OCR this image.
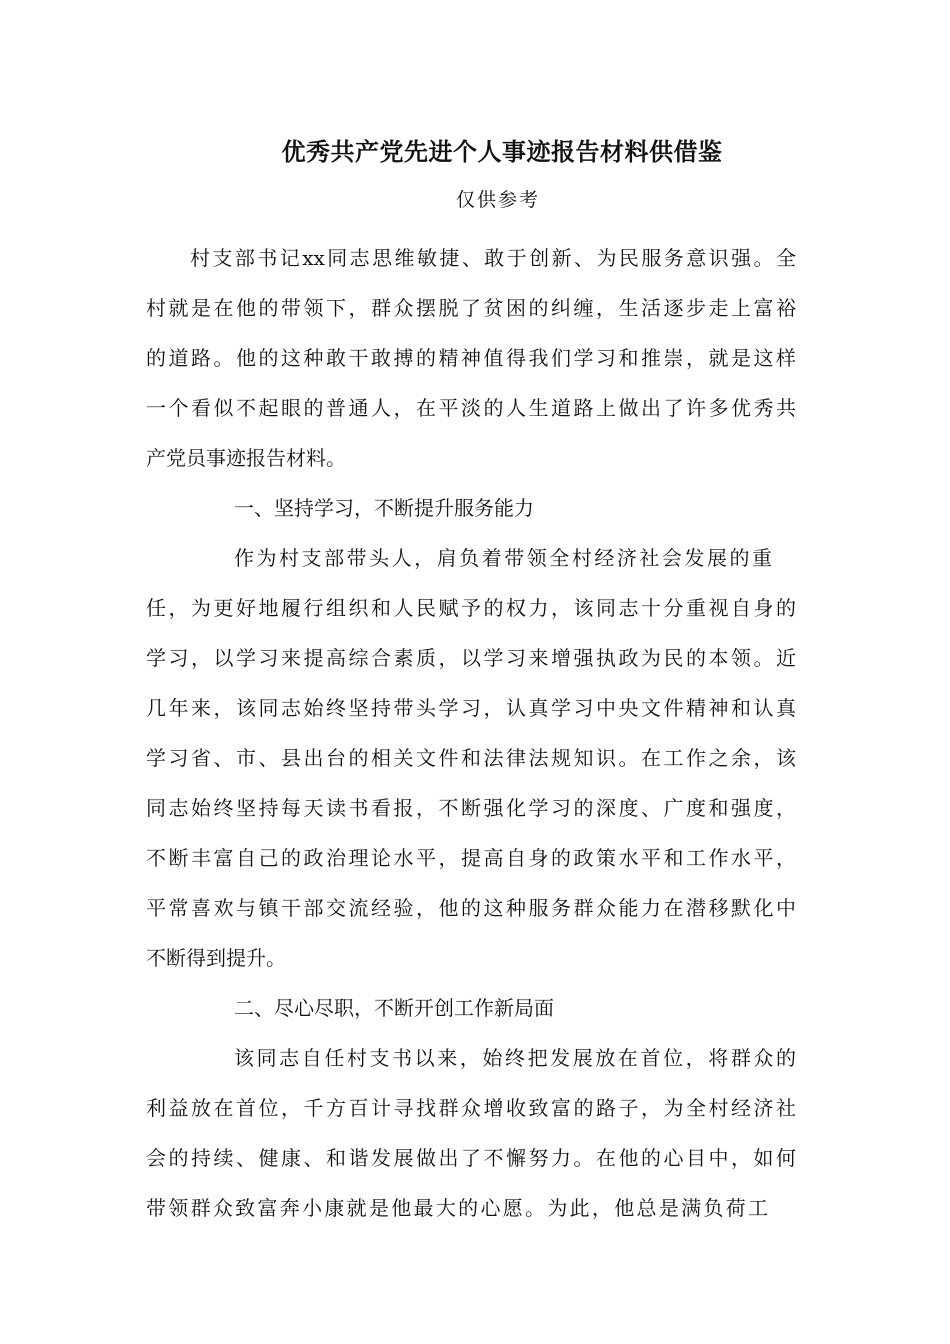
优秀共产党先进个人事迹报告材料供借鉴
仅供参考
村支部书记xx同志思维敏捷、敢于创新、为民服务意识强。全
村就是在他的带领下，群众摆脱了贫困的纠缠，生活逐步走上富裕
的道路。他的这种敢干敢搏的精神值得我们学习和推崇，就是这样
一个看似不起眼的普通人，在平淡的人生道路上做出了许多优秀共
产党员事迹报告材料。
一、坚持学习，不断提升服务能力
作为村支部带头人，肩负着带领全村经济社会发展的重
任，为更好地履行组织和人民赋予的权力，该同志十分重视自身的
学习，以学习来提高综合素质，以学习来增强执政为民的本领。近
几年来，该同志始终坚持带头学习，认真学习中央文件精神和认真
学习省、市、县出台的相关文件和法律法规知识。在工作之余，该
同志始终坚持每天读书看报，不断强化学习的深度、广度和强度，
不断丰富自己的政治理论水平，提高自身的政策水平和工作水平，
平常喜欢与镇干部交流经验，他的这种服务群众能力在潜移默化中
不断得到提升。
二、尽心尽职，不断开创工作新局面
该同志自任村支书以来，始终把发展放在首位，将群众的
利益放在首位，千方百计寻找群众增收致富的路子，为全村经济社
会的持续、健康、和谐发展做出了不懈努力。在他的心目中，如何
带领群众致富奔小康就是他最大的心愿。为此，他总是满负荷工
